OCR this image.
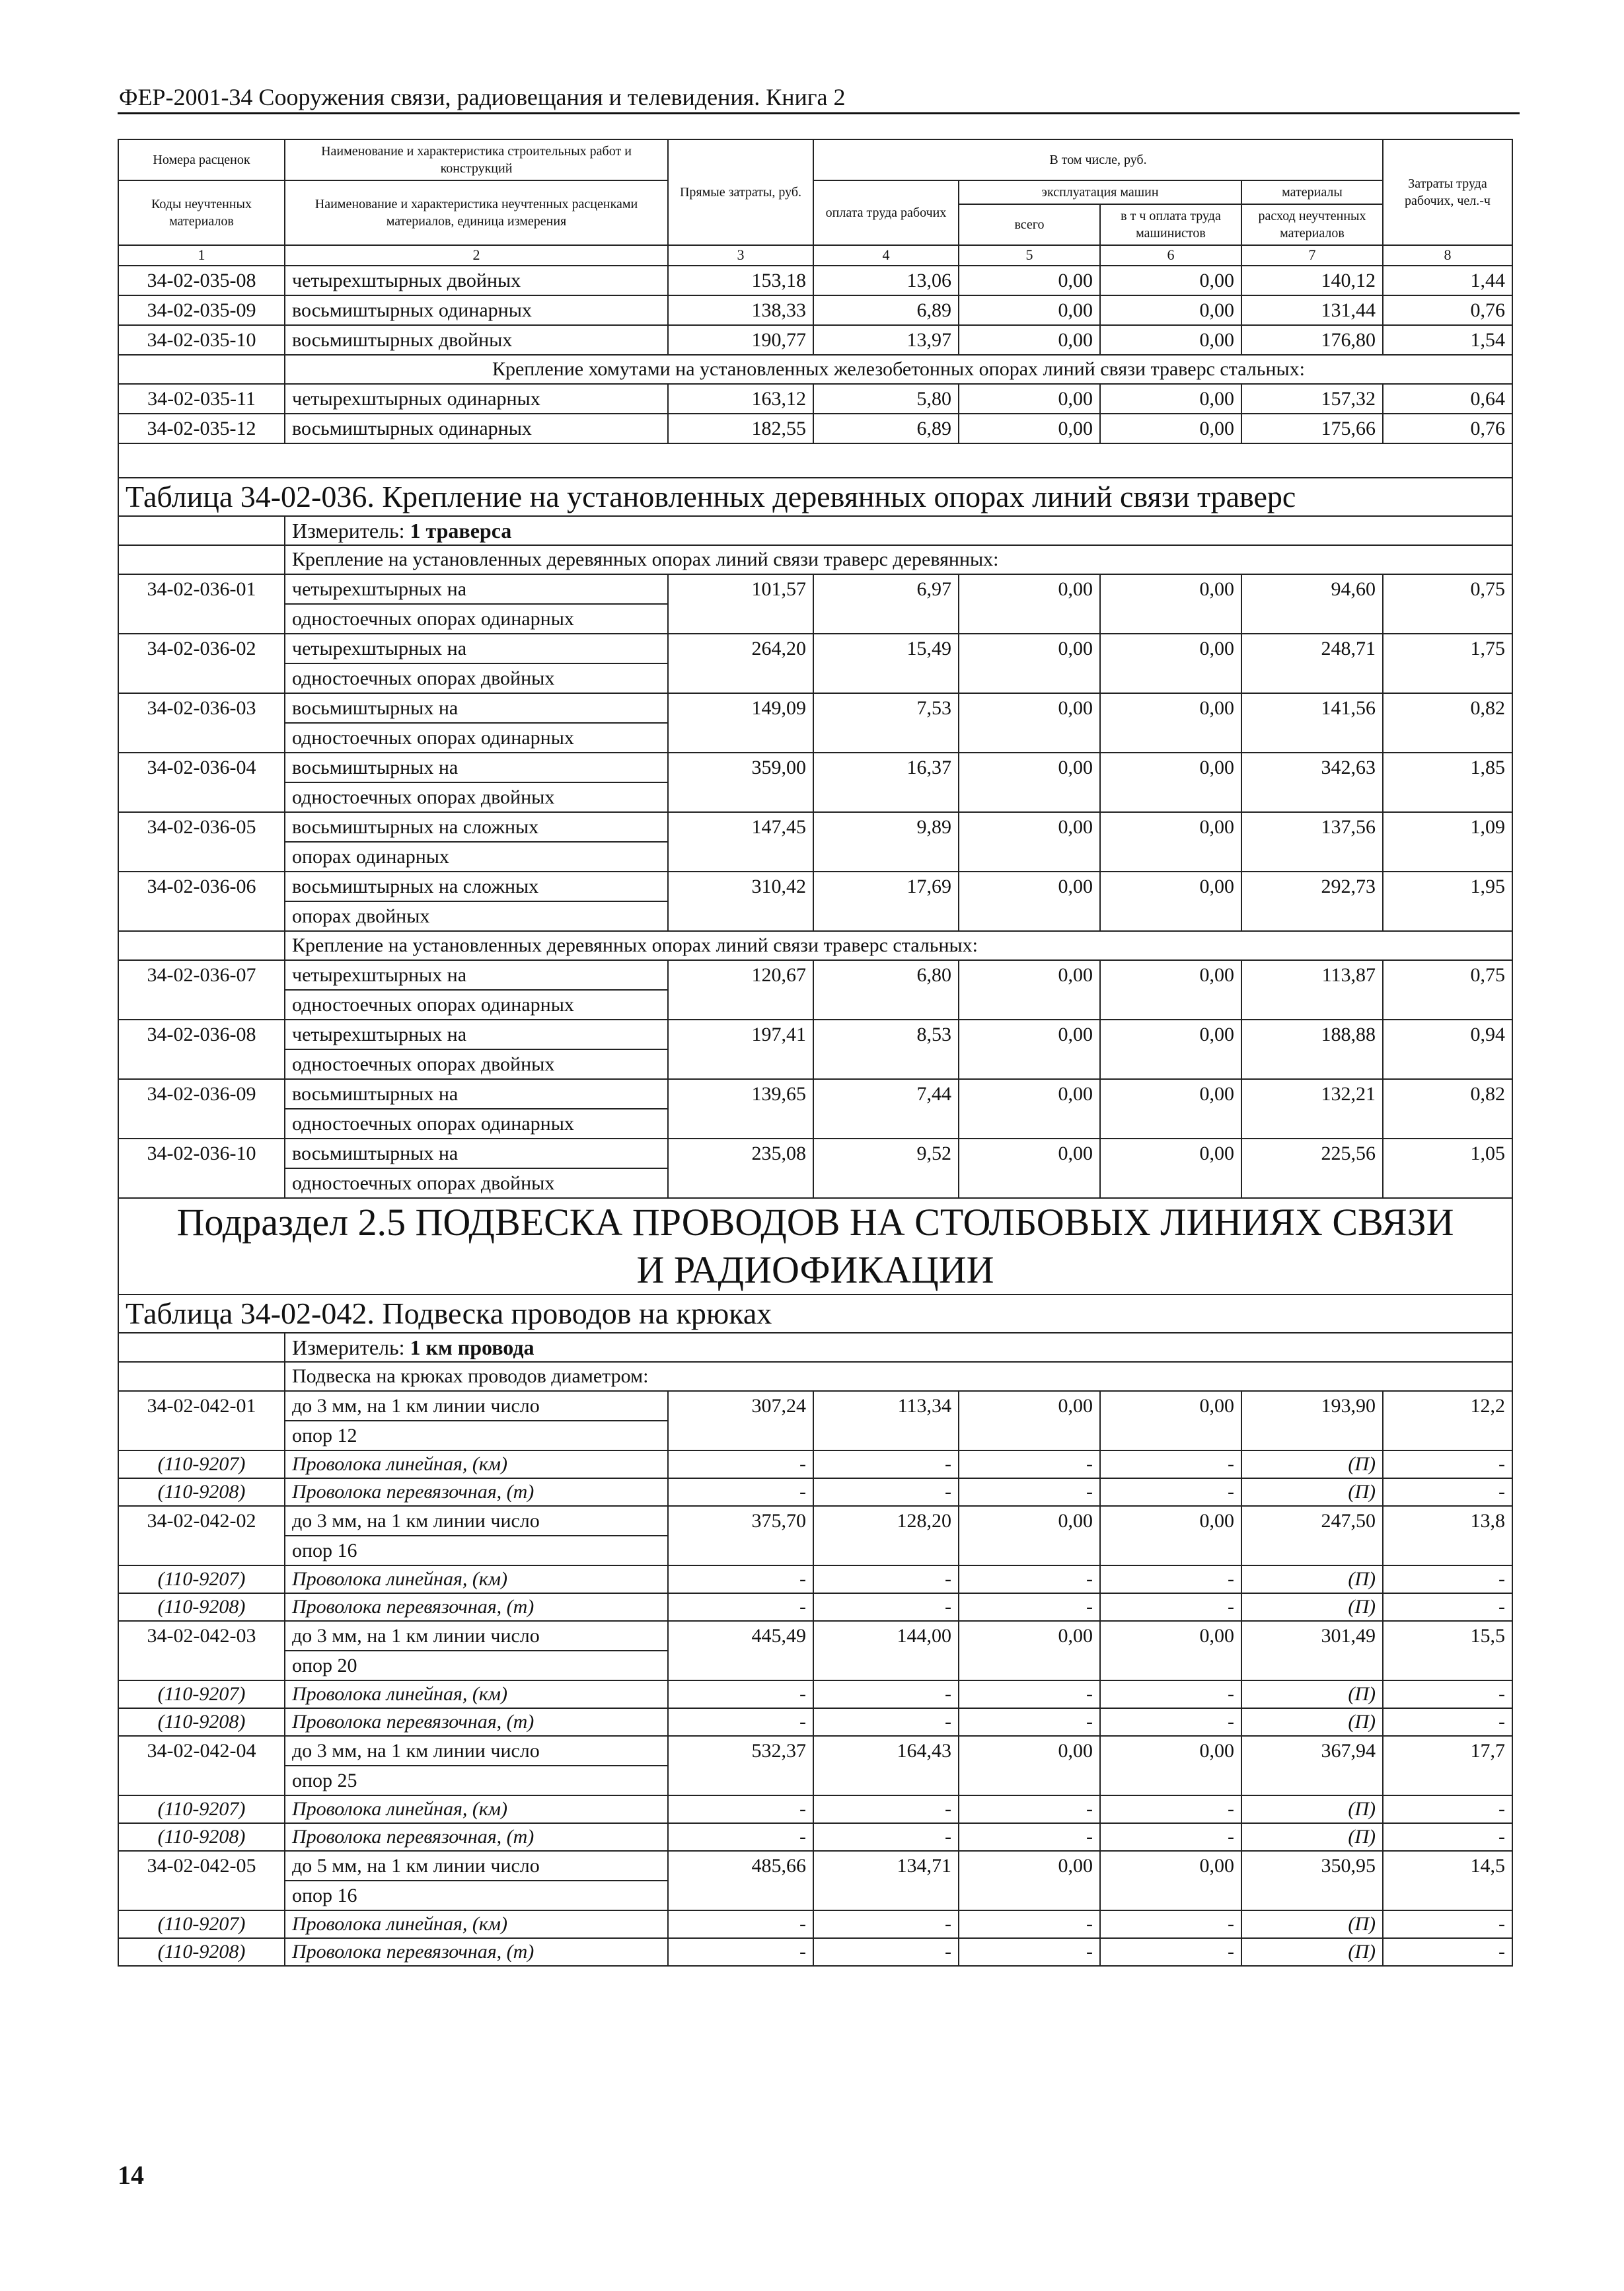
ФЕР-2001-34 Сооружения связи, радиовещания и телевидения. Книга 2
Номера расценок	Наименование и характеристика строительных работ и конструкций	Прямые затраты, руб.	В том числе, руб.				Затраты труда рабочих, чел.-ч
Коды неучтенных материалов	Наименование и характеристика неучтенных расценками материалов, единица измерения		оплата труда рабочих	эксплуатация машин		материалы	
				всего	в т ч оплата труда машинистов	расход неучтенных материалов	
1	2	3	4	5	6	7	8
34-02-035-08	четырехштырных двойных	153,18	13,06	0,00	0,00	140,12	1,44
34-02-035-09	восьмиштырных одинарных	138,33	6,89	0,00	0,00	131,44	0,76
34-02-035-10	восьмиштырных двойных	190,77	13,97	0,00	0,00	176,80	1,54
	Крепление хомутами на установленных железобетонных опорах линий связи траверс стальных:						
34-02-035-11	четырехштырных одинарных	163,12	5,80	0,00	0,00	157,32	0,64
34-02-035-12	восьмиштырных одинарных	182,55	6,89	0,00	0,00	175,66	0,76

Таблица 34-02-036. Крепление на установленных деревянных опорах линий связи траверс							
	Измеритель: 1 траверса						
	Крепление на установленных деревянных опорах линий связи траверс деревянных:						
34-02-036-01	четырехштырных на	101,57	6,97	0,00	0,00	94,60	0,75
	одностоечных опорах одинарных						
34-02-036-02	четырехштырных на	264,20	15,49	0,00	0,00	248,71	1,75
	одностоечных опорах двойных						
34-02-036-03	восьмиштырных на	149,09	7,53	0,00	0,00	141,56	0,82
	одностоечных опорах одинарных						
34-02-036-04	восьмиштырных на	359,00	16,37	0,00	0,00	342,63	1,85
	одностоечных опорах двойных						
34-02-036-05	восьмиштырных на сложных	147,45	9,89	0,00	0,00	137,56	1,09
	опорах одинарных						
34-02-036-06	восьмиштырных на сложных	310,42	17,69	0,00	0,00	292,73	1,95
	опорах двойных						
	Крепление на установленных деревянных опорах линий связи траверс стальных:						
34-02-036-07	четырехштырных на	120,67	6,80	0,00	0,00	113,87	0,75
	одностоечных опорах одинарных						
34-02-036-08	четырехштырных на	197,41	8,53	0,00	0,00	188,88	0,94
	одностоечных опорах двойных						
34-02-036-09	восьмиштырных на	139,65	7,44	0,00	0,00	132,21	0,82
	одностоечных опорах одинарных						
34-02-036-10	восьмиштырных на	235,08	9,52	0,00	0,00	225,56	1,05
	одностоечных опорах двойных						

Подраздел 2.5 ПОДВЕСКА ПРОВОДОВ НА СТОЛБОВЫХ ЛИНИЯХ СВЯЗИ
И РАДИОФИКАЦИИ							

Таблица 34-02-042. Подвеска проводов на крюках							
	Измеритель: 1 км провода						
	Подвеска на крюках проводов диаметром:						
34-02-042-01	до 3 мм, на 1 км линии число	307,24	113,34	0,00	0,00	193,90	12,2
	опор 12						
(110-9207)	Проволока линейная, (км)	-	-	-	-	(П)	-
(110-9208)	Проволока перевязочная, (т)	-	-	-	-	(П)	-
34-02-042-02	до 3 мм, на 1 км линии число	375,70	128,20	0,00	0,00	247,50	13,8
	опор 16						
(110-9207)	Проволока линейная, (км)	-	-	-	-	(П)	-
(110-9208)	Проволока перевязочная, (т)	-	-	-	-	(П)	-
34-02-042-03	до 3 мм, на 1 км линии число	445,49	144,00	0,00	0,00	301,49	15,5
	опор 20						
(110-9207)	Проволока линейная, (км)	-	-	-	-	(П)	-
(110-9208)	Проволока перевязочная, (т)	-	-	-	-	(П)	-
34-02-042-04	до 3 мм, на 1 км линии число	532,37	164,43	0,00	0,00	367,94	17,7
	опор 25						
(110-9207)	Проволока линейная, (км)	-	-	-	-	(П)	-
(110-9208)	Проволока перевязочная, (т)	-	-	-	-	(П)	-
34-02-042-05	до 5 мм, на 1 км линии число	485,66	134,71	0,00	0,00	350,95	14,5
	опор 16						
(110-9207)	Проволока линейная, (км)	-	-	-	-	(П)	-
(110-9208)	Проволока перевязочная, (т)	-	-	-	-	(П)	-
14
